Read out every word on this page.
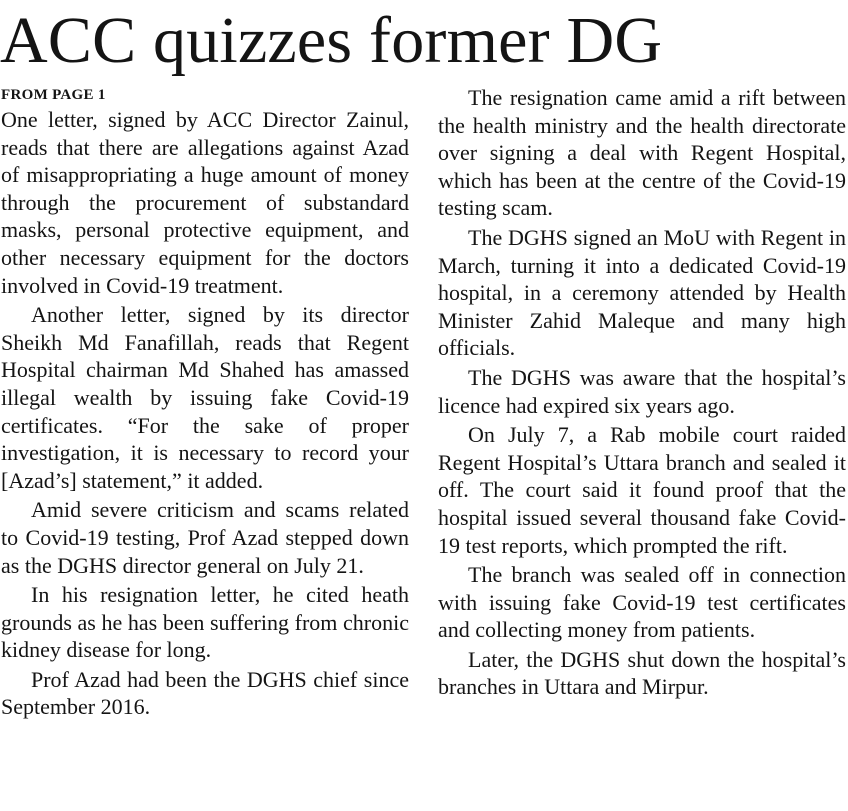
ACC quizzes former DG
FROM PAGE 1

One letter, signed by ACC Director Zainul, reads that there are allegations against Azad of misappropriating a huge amount of money through the procurement of substandard masks, personal protective equipment, and other necessary equipment for the doctors involved in Covid-19 treatment.

Another letter, signed by its director Sheikh Md Fanafillah, reads that Regent Hospital chairman Md Shahed has amassed illegal wealth by issuing fake Covid-19 certificates. “For the sake of proper investigation, it is necessary to record your [Azad’s] statement,” it added.

Amid severe criticism and scams related to Covid-19 testing, Prof Azad stepped down as the DGHS director general on July 21.

In his resignation letter, he cited heath grounds as he has been suffering from chronic kidney disease for long.

Prof Azad had been the DGHS chief since September 2016.

The resignation came amid a rift between the health ministry and the health directorate over signing a deal with Regent Hospital, which has been at the centre of the Covid-19 testing scam.

The DGHS signed an MoU with Regent in March, turning it into a dedicated Covid-19 hospital, in a ceremony attended by Health Minister Zahid Maleque and many high officials.

The DGHS was aware that the hospital’s licence had expired six years ago.

On July 7, a Rab mobile court raided Regent Hospital’s Uttara branch and sealed it off. The court said it found proof that the hospital issued several thousand fake Covid-19 test reports, which prompted the rift.

The branch was sealed off in connection with issuing fake Covid-19 test certificates and collecting money from patients.

Later, the DGHS shut down the hospital’s branches in Uttara and Mirpur.
